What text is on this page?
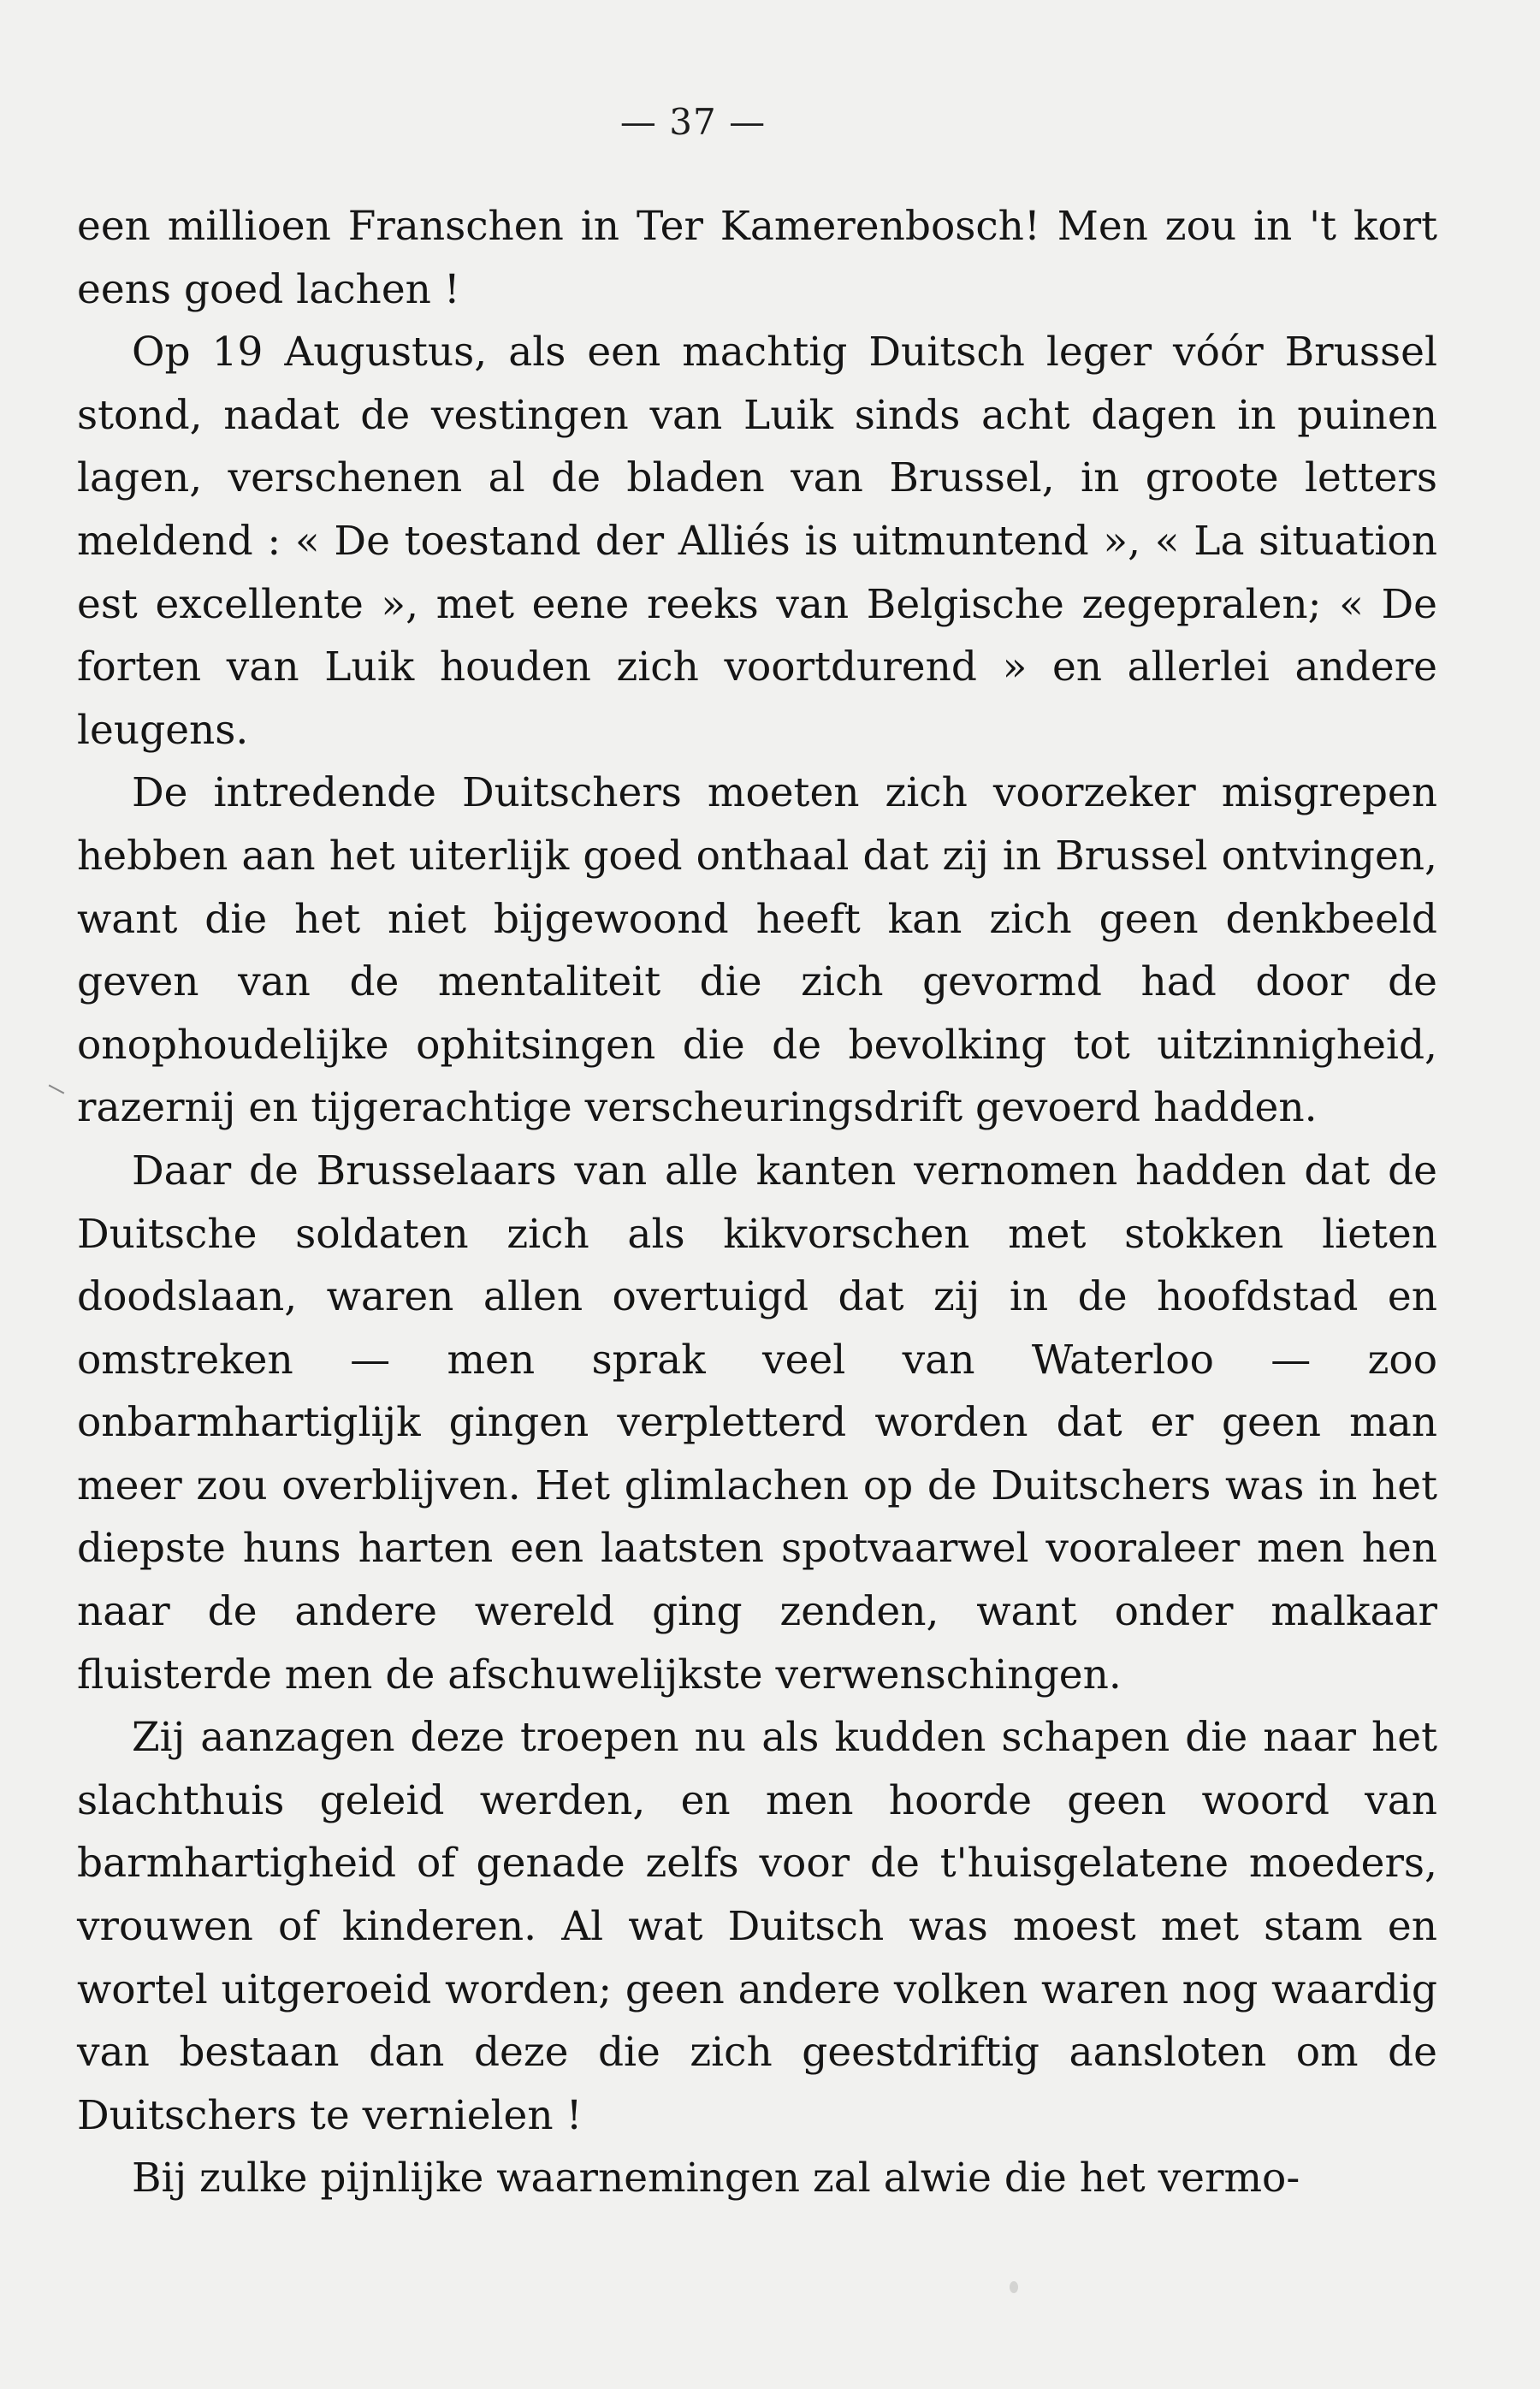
— 37 —

een millioen Franschen in Ter Kamerenbosch! Men zou in 't kort eens goed lachen !

Op 19 Augustus, als een machtig Duitsch leger vóór Brussel stond, nadat de vestingen van Luik sinds acht dagen in puinen lagen, verschenen al de bladen van Brussel, in groote letters meldend : « De toestand der Alliés is uitmuntend », « La situation est excellente », met eene reeks van Belgische zegepralen; « De forten van Luik houden zich voortdurend » en allerlei andere leugens.

De intredende Duitschers moeten zich voorzeker misgrepen hebben aan het uiterlijk goed onthaal dat zij in Brussel ontvingen, want die het niet bijgewoond heeft kan zich geen denkbeeld geven van de mentaliteit die zich gevormd had door de onophoudelijke ophitsingen die de bevolking tot uitzinnigheid, razernij en tijgerachtige verscheuringsdrift gevoerd hadden.

Daar de Brusselaars van alle kanten vernomen hadden dat de Duitsche soldaten zich als kikvorschen met stokken lieten doodslaan, waren allen overtuigd dat zij in de hoofdstad en omstreken — men sprak veel van Waterloo — zoo onbarmhartiglijk gingen verpletterd worden dat er geen man meer zou overblijven. Het glimlachen op de Duitschers was in het diepste huns harten een laatsten spotvaarwel vooraleer men hen naar de andere wereld ging zenden, want onder malkaar fluisterde men de afschuwelijkste verwenschingen.

Zij aanzagen deze troepen nu als kudden schapen die naar het slachthuis geleid werden, en men hoorde geen woord van barmhartigheid of genade zelfs voor de t'huisgelatene moeders, vrouwen of kinderen. Al wat Duitsch was moest met stam en wortel uitgeroeid worden; geen andere volken waren nog waardig van bestaan dan deze die zich geestdriftig aansloten om de Duitschers te vernielen !

Bij zulke pijnlijke waarnemingen zal alwie die het vermo-
